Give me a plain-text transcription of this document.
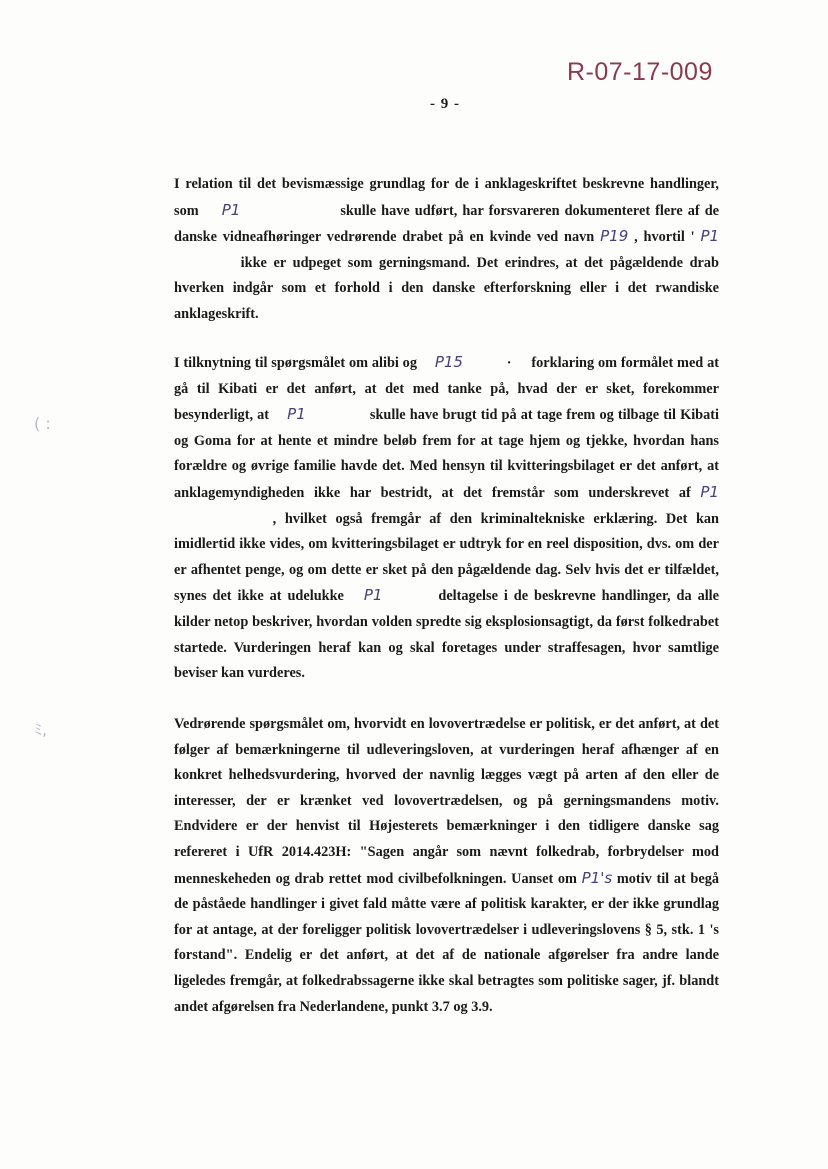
R-07-17-009
- 9 -
( :
ﾐ,

I relation til det bevismæssige grundlag for de i anklageskriftet beskrevne handlinger, som P1	skulle have udført, har forsvareren dokumenteret flere af de danske vidneafhøringer vedrørende drabet på en kvinde ved navn P19 , hvortil ' P1 ikke er udpeget som gerningsmand. Det erindres, at det pågældende drab hverken indgår som et forhold i den danske efterforskning eller i det rwandiske anklageskrift.

I tilknytning til spørgsmålet om alibi og P15	· forklaring om formålet med at gå til Kibati er det anført, at det med tanke på, hvad der er sket, forekommer besynderligt, at P1	skulle have brugt tid på at tage frem og tilbage til Kibati og Goma for at hente et mindre beløb frem for at tage hjem og tjekke, hvordan hans forældre og øvrige familie havde det. Med hensyn til kvitteringsbilaget er det anført, at anklagemyndigheden ikke har bestridt, at det fremstår som underskrevet af P1 , hvilket også fremgår af den kriminaltekniske erklæring. Det kan imidlertid ikke vides, om kvitteringsbilaget er udtryk for en reel disposition, dvs. om der er afhentet penge, og om dette er sket på den pågældende dag. Selv hvis det er tilfældet, synes det ikke at udelukke P1	deltagelse i de beskrevne handlinger, da alle kilder netop beskriver, hvordan volden spredte sig eksplosionsagtigt, da først folkedrabet startede. Vurderingen heraf kan og skal foretages under straffesagen, hvor samtlige beviser kan vurderes.

Vedrørende spørgsmålet om, hvorvidt en lovovertrædelse er politisk, er det anført, at det følger af bemærkningerne til udleveringsloven, at vurderingen heraf afhænger af en konkret helhedsvurdering, hvorved der navnlig lægges vægt på arten af den eller de interesser, der er krænket ved lovovertrædelsen, og på gerningsmandens motiv. Endvidere er der henvist til Højesterets bemærkninger i den tidligere danske sag refereret i UfR 2014.423H: "Sagen angår som nævnt folkedrab, forbrydelser mod menneskeheden og drab rettet mod civilbefolkningen. Uanset om P1's motiv til at begå de påståede handlinger i givet fald måtte være af politisk karakter, er der ikke grundlag for at antage, at der foreligger politisk lovovertrædelser i udleveringslovens § 5, stk. 1 's forstand". Endelig er det anført, at det af de nationale afgørelser fra andre lande ligeledes fremgår, at folkedrabssagerne ikke skal betragtes som politiske sager, jf. blandt andet afgørelsen fra Nederlandene, punkt 3.7 og 3.9.
